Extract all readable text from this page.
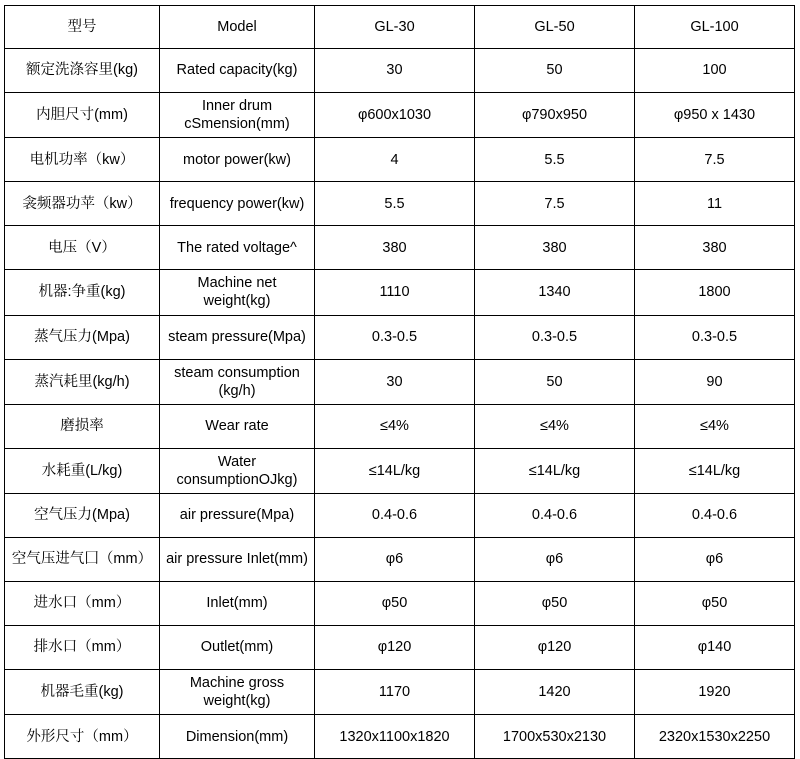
型号	Model	GL-30	GL-50	GL-100
额定洗涤容里(kg)	Rated capacity(kg)	30	50	100
内胆尺寸(mm)	Inner drum cSmension(mm)	φ600x1030	φ790x950	φ950 x 1430
电机功率（kw）	motor power(kw)	4	5.5	7.5
衾频器功苹（kw）	frequency power(kw)	5.5	7.5	11
电压（V）	The rated voltage^	380	380	380
机器:争重(kg)	Machine net weight(kg)	1110	1340	1800
蒸气压力(Mpa)	steam pressure(Mpa)	0.3-0.5	0.3-0.5	0.3-0.5
蒸汽耗里(kg/h)	steam consumption (kg/h)	30	50	90
磨损率	Wear rate	≤4%	≤4%	≤4%
水耗重(L/kg)	Water consumptionOJkg)	≤14L/kg	≤14L/kg	≤14L/kg
空气压力(Mpa)	air pressure(Mpa)	0.4-0.6	0.4-0.6	0.4-0.6
空气压进气囗（mm）	air pressure Inlet(mm)	φ6	φ6	φ6
进水口（mm）	Inlet(mm)	φ50	φ50	φ50
排水口（mm）	Outlet(mm)	φ120	φ120	φ140
机器毛重(kg)	Machine gross weight(kg)	1170	1420	1920
外形尺寸（mm）	Dimension(mm)	1320x1100x1820	1700x530x2130	2320x1530x2250
